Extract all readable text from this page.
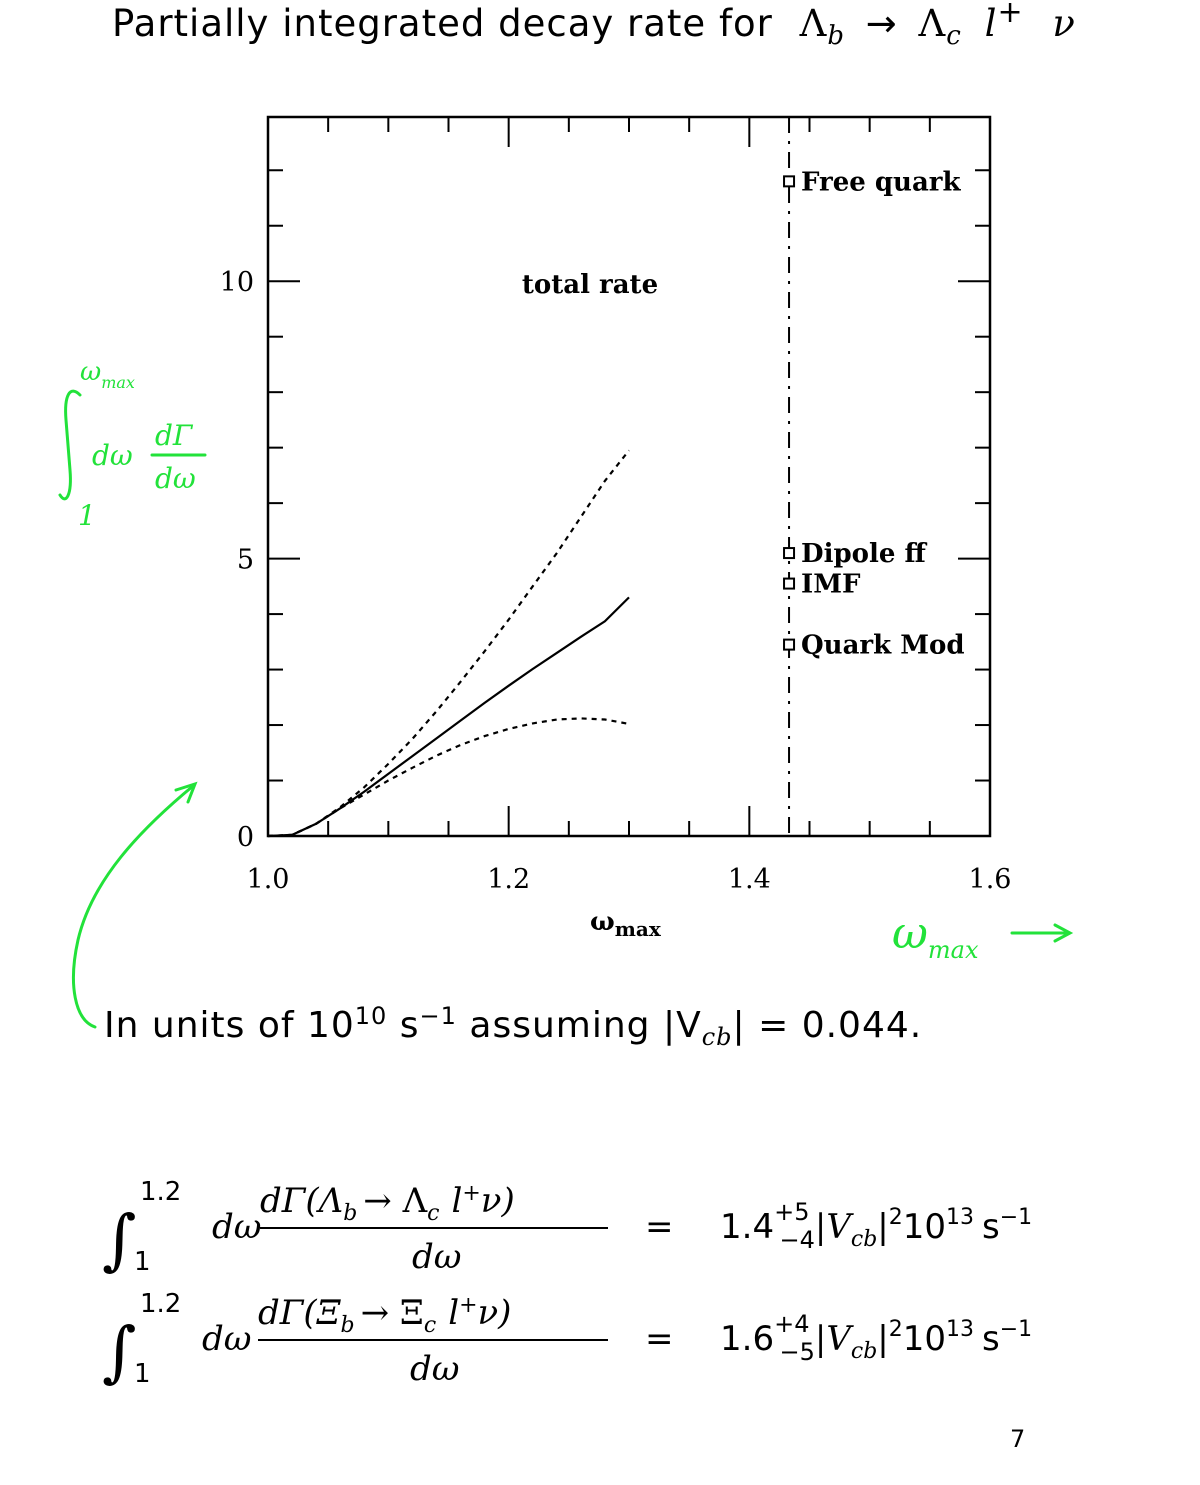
Partially integrated decay rate for $\Lambda_b \to \Lambda_c$ l+ ν
1.0	1.2	1.4	1.6
0
5
10
Free quark
Dipole ff
IMF
Quark Mod
total rate
$\omega_{max}$
$\omega_{max}$
1
dω
dΓ
dω
$\omega_{max}$
In units of $10^{10}$ $s^{-1}$ assuming $|V_{cb}| = 0.044$.
∫
1.2
1
dω
$d\Gamma(\Lambda_b \to \Lambda_c$ l+ν)
dω
= $1.4^{+5} -4|V_{cb}|^210^{13}$ $s^{-1}$
∫
1.2
1
dω
$d\Gamma(\Xi_b \to \Xi_c$ l+ν)
dω
= $1.6^{+4} -5|V_{cb}|^210^{13}$ $s^{-1}$
7
